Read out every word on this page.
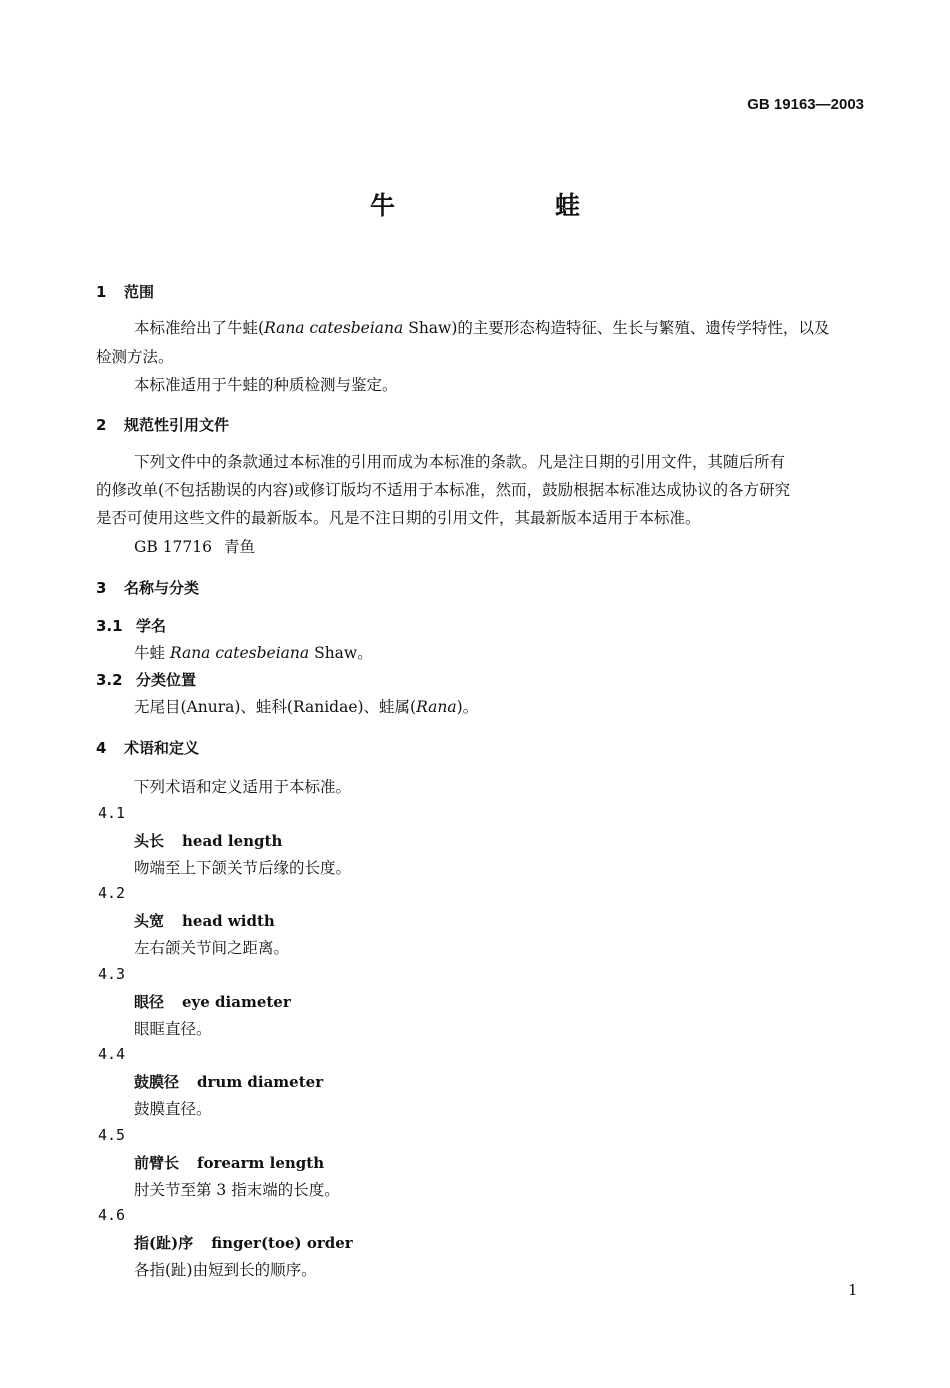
GB 19163—2003
牛	蛙
1 范围
本标准给出了牛蛙(Rana catesbeiana Shaw)的主要形态构造特征、生长与繁殖、遗传学特性，以及
检测方法。
本标准适用于牛蛙的种质检测与鉴定。
2 规范性引用文件
下列文件中的条款通过本标准的引用而成为本标准的条款。凡是注日期的引用文件，其随后所有
的修改单(不包括勘误的内容)或修订版均不适用于本标准，然而，鼓励根据本标准达成协议的各方研究
是否可使用这些文件的最新版本。凡是不注日期的引用文件，其最新版本适用于本标准。
GB 17716 青鱼
3 名称与分类
3.1 学名
牛蛙 Rana catesbeiana Shaw。
3.2 分类位置
无尾目(Anura)、蛙科(Ranidae)、蛙属(Rana)。
4 术语和定义
下列术语和定义适用于本标准。
4.1
头长 head length
吻端至上下颌关节后缘的长度。
4.2
头宽 head width
左右颌关节间之距离。
4.3
眼径 eye diameter
眼眶直径。
4.4
鼓膜径 drum diameter
鼓膜直径。
4.5
前臂长 forearm length
肘关节至第 3 指末端的长度。
4.6
指(趾)序 finger(toe) order
各指(趾)由短到长的顺序。
1
